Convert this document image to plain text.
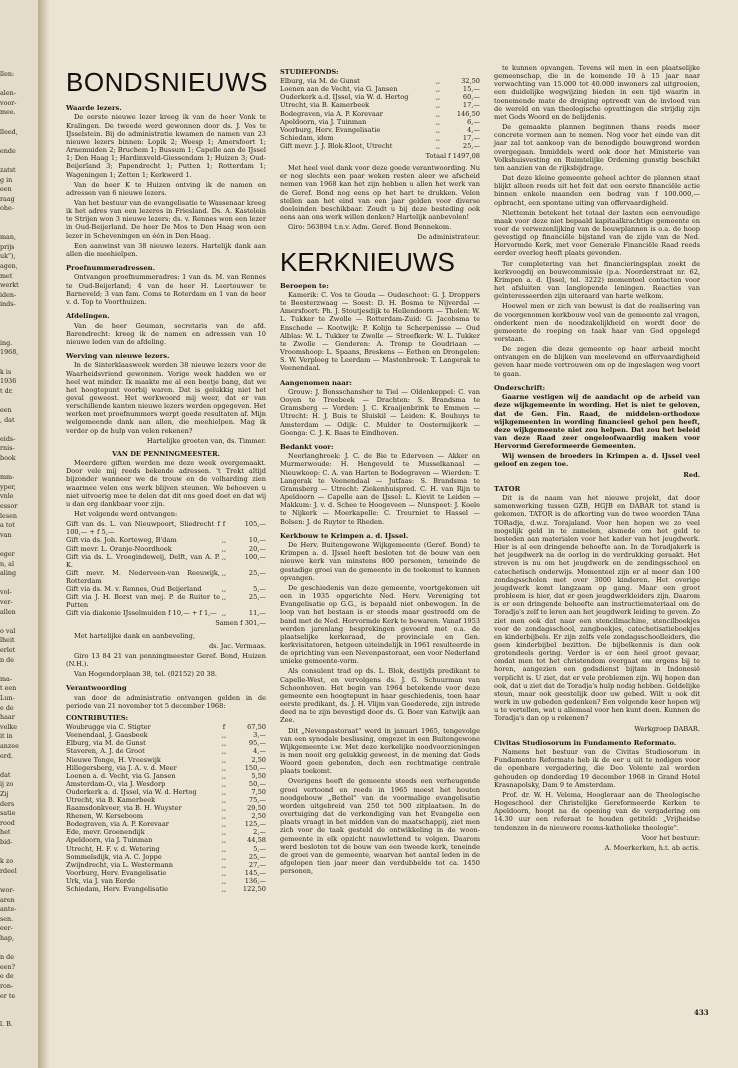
llen:
alen-
voor-
mee.
lleed,
ende
zatst
g in
een
raag
ohe-
man,
prijs
uk"),
agen,
met
werkt
iden-
inds-
ing.
1968,
k is
1936
t dr.
een
, dat
eids-
rnis-
book
mm-
yper,
vnle
essor
lesen
a tot
van
eger
n, al
aling
vol-
ver-
allen
o val
lheit
erlet
n de
ma-
t een
Lun-
e de
haar
velke
it in
anzee
erd.
dat
ij zo
Zij
ders
satie
rood
het
bid-
k zo
rdeel
wor-
aren
ante-
sen.
eer-
hap,
n de
een?
e de
ron-
er te
l. B.
BONDSNIEUWS
Waarde lezers.

De eerste nieuwe lezer kreeg ik van de heer Vonk te Kralingen. De tweede werd gewonnen door ds. J. Vos te IJsselstein. Bij de administratie kwamen de namen van 23 nieuwe lezers binnen: Lopik 2; Weesp 1; Amersfoort 1; Arnemuiden 2; Bruchem 1; Bussum 1; Capelle aan de IJssel 1; Den Haag 1; Hardinxveld-Giessendam 1; Huizen 3; Oud-Beijerland 3; Papendrecht 1; Putten 1; Rotterdam 1; Wageningen 1; Zetten 1; Kerkwerd 1.

Van de heer K te Huizen ontving ik de namen en adressen van 6 nieuwe lezers.

Van het bestuur van de evangelisatie te Wassenaar kreeg ik het adres van een lezeres in Friesland. Ds. A. Kastelein te Strijen won 3 nieuwe lezers; ds. v. Rennes won een lezer in Oud-Beijerland. De heer De Mos te Den Haag won een lezer in Scheveningen en één in Den Haag.

Een aanwinst van 38 nieuwe lezers. Hartelijk dank aan allen die meehielpen.

Proefnummeradressen.

Ontvangen proefnummeradres: 1 van ds. M. van Rennes te Oud-Beijerland; 4 van de heer H. Leertouwer te Barneveld; 3 van fam. Coms te Roterdam en 1 van de heer v. d. Top te Voorthuizen.

Afdelingen.

Van de heer Gouman, secretaris van de afd. Barendrecht: kreeg ik de namen en adressen van 10 nieuwe leden van de afdeling.

Werving van nieuwe lezers.

In de Sinterklaasweek werden 38 nieuwe lezers voor de Waarheidsvriend gewonnen. Vorige week hadden we er heel wat minder. Ik maakte me al een beetje bang, dat we het hoogtepunt voorbij waren. Dat is gelukkig niet het geval geweest. Het werkwoord mij weer, dat er van verschillende kanten nieuwe lezers werden opgegeven. Het werken met proefnummers werpt goede resultaten af. Mijn welgemeende dank aan allen, die meehielpen. Mag ik verder op de hulp van velen rekenen?

Hartelijke groeten van, ds. Timmer.

VAN DE PENNINGMEESTER.

Meerdere giften werden me deze week overgemaakt. Door vele mij reeds bekende adressen. 't Trekt altijd bijzonder wanneer we de trouw en de volharding zien waarmee velen ons werk blijven steunen. We behoeven u niet uitvoerig mee te delen dat dit ons goed doet en dat wij u dan erg dankbaar voor zijn.

Het volgende werd ontvangen:

Gift van ds. L. van Nieuwpoort, Sliedrecht f 100,— + f 5,—	f	105,—
Gift via ds. Joh. Korteweg, B'dam	,,	10,—
Gift mevr. L. Oranje-Noordhoek	,,	20,—
Gift via ds. L. Vroegindeweij, Delft, van A. P. K.	,,	100,—
Gift mevr. M. Nederveen-van Reeuwijk, Rotterdam	,,	25,—
Gift via ds. M. v. Rennes, Oud Beijerland	,,	5,—
Gift via J. H. Borst van mej. P. de Ruiter te Putten	,,	25,—
Gift via diakonie IJsselmuiden f 10,— + f 1,—	,,	11,—

Samen f 301,—

Met hartelijke dank en aanbeveling,

ds. Jac. Vermaas.

Giro 13 84 21 van penningmeester Geref. Bond, Huizen (N.H.).

Van Hogendorplaan 38, tel. (02152) 20 38.

Verantwoording

van door de administratie ontvangen gelden in de periode van 21 november tot 5 december 1968:

CONTRIBUTIES:
Woubrugge via C. Stigter	f	67,50
Veenendaal, J. Gaasbeek	,,	3,—
Elburg, via M. de Gunst	,,	95,—
Staveren, A. J. de Groot	,,	4,—
Nieuwe Tonge, H. Vreeswijk	,,	2,50
Hillegersberg, via J. A. v. d. Meer	,,	150,—
Loenen a. d. Vecht, via G. Jansen	,,	5,50
Amsterdam-O., via J. Wesdorp	,,	50,—
Ouderkerk a. d. IJssel, via W. d. Hertog	,,	7,50
Utrecht, via B. Kamerbeek	,,	75,—
Raamsdonkveer, via B. H. Wuyster	,,	29,50
Rhenen, W. Kerseboom	,,	2,50
Bodegraven, via A. P. Korevaar	,,	125,—
Ede, mevr. Groenendijk	,,	2,—
Apeldoorn, via J. Tuinman	,,	44,58
Utrecht, H. F. v. d. Wetering	,,	5,—
Sommelsdijk, via A. C. Joppe	,,	25,—
Zwijndrecht, via L. Westermann	,,	27,—
Voorburg, Herv. Evangelisatie	,,	145,—
Urk, via J. van Eerde	,,	136,—
Schiedam, Herv. Evangelisatie	,,	122,50
STUDIEFONDS:
Elburg, via M. de Gunst	,,	32,50
Loenen aan de Vecht, via G. Jansen	,,	15,—
Ouderkerk a.d. IJssel, via W. d. Hertog	,,	60,—
Utrecht, via B. Kamerbeek	,,	17,—
Bodegraven, via A. P. Korevaar	,,	146,50
Apeldoorn, via J. Tuinman	,,	6,—
Voorburg, Herv. Evangelisatie	,,	4,—
Schiedam, idem	,,	17,—
Gift mevr. J. J. Blok-Kloot, Utrecht	,,	25,—

Totaal f 1497,08

Met heel veel dank voor deze goede verantwoording. Nu er nog slechts een paar weken resten aleer we afscheid nemen van 1968 kan het zijn hebben u allen het werk van de Geref. Bond nog eens op het hart te drukken. Velen stellen aan het eind van een jaar gelden voor diverse doeleinden beschikbaar. Zoudt u bij deze besteding ook eens aan ons werk willen denken? Hartelijk aanbevolen!

Giro: 563894 t.n.v. Adm. Geref. Bond Bennekom.

De administrateur.

KERKNIEUWS
Beroepen te:

Kamerik: C. Vos te Gouda — Oudeschoot: G. J. Droppers te Beesterzwaag — Soest: D. H. Bosma te Nijverdal — Amersfoort: Ph. J. Stoutjesdijk te Hellendoorn — Tholen: W. L. Tukker te Zwolle — Rotterdam-Zuid: G. Jacobsma te Enschede — Kootwijk: P. Kolijn te Scherpenisse — Oud Alblas: W. L. Tukker te Zwolle — Streefkerk: W. L. Tukker te Zwolle — Genderen: A. Tromp te Goudriaan — Vroomshoop: L. Spaans, Breskens — Eethen en Drongelen: S. W. Verploeg te Leerdam — Mastenbroek: T. Langerak te Veenendaal.

Aangenomen naar:

Grouw: J. Bonsschansher te Tiel — Oldenkeppel: C. van Ooyen te Treebeek — Drachten: S. Brandsma te Gramsberg — Vorden: J. C. Kraaijenbrink te Emmen — Utrecht: H. J. Buis te Sluiskil — Leiden: K. Bouhuys te Amsterdam — Odijk: C. Mulder te Oostermijkerk — Goenga: C. J. K. Baas te Eindhoven.

Bedankt voor:

Neerlangbroek: J. C. de Bie te Ederveen — Akker en Murmerwoude: H. Hengeveld te Musselkanaal — Nieuwkoop: C. A. van Harten te Bodegraven — Wierden: T. Langerak te Veenendaal — Jutfaas: S. Brandsma te Gramsberg — Utrecht: Ziekenhuispred. C. H. van Rijn te Apeldoorn — Capelle aan de IJssel: L. Kievit te Leiden — Makkum: J. v. d. Schee te Hoogeveen — Nunspeet: J. Koele te Nijkerk — Moerkapelle: C. Treurniet te Hassel — Bolsen: J. de Ruyter te Rheden.

Kerkbouw te Krimpen a. d. IJssel.

De Herv. Buitengewone Wijkgemeente (Geref. Bond) te Krimpen a. d. IJssel heeft besloten tot de bouw van een nieuwe kerk van minstens 800 personen, teneinde de gestadige groei van de gemeente in de toekomst te kunnen opvangen.

De geschiedenis van deze gemeente, voortgekomen uit een in 1935 opgerichte Ned. Herv. Vereniging tot Evangelisatie op G.G., is bepaald niet onbewogen. In de loop van het bestaan is er steeds maar gestreefd om de band met de Ned. Hervormde Kerk te bewaren. Vanaf 1953 werden jarenlang besprekingen gevoerd met o.a. de plaatselijke kerkeraad, de provinciale en Gen. kerkvisitatoren, hetgeen uiteindelijk in 1961 resulteerde in de oprichting van een Nevenpastoraat, een voor Nederland unieke gemeente-vorm.

Als consulent trad op ds. L. Blok, destijds predikant te Capelle-West, en vervolgens ds. J. G. Schuurman van Schoonhoven. Het begin van 1964 betekende voor deze gemeente een hoogtepunt in haar geschiedenis, toen haar eerste predikant, ds. J. H. Vlijm van Goederede, zijn intrede deed na te zijn bevestigd door ds. G. Boer van Katwijk aan Zee.

Dit „Nevenpastoraat" werd in januari 1965, tengevolge van een synodale beslissing, omgezet in een Buitengewone Wijkgemeente i.w. Met deze kerkelijke noodvoorzieningen is men nooit erg gelukkig geweest, in de mening dat Gods Woord geen gebonden, doch een rechtmatige centrale plaats toekomt.

Overigens heeft de gemeente steeds een verheugende groei vertoond en reeds in 1965 moest het houten noodgebouw „Bethel" van de voormalige evangelisatie worden uitgebreid van 250 tot 500 zitplaatsen. In de overtuiging dat de verkondiging van het Evangelie een plaats vraagt in het midden van de maatschappij, ziet men zich voor de taak gesteld de ontwikkeling in de woon-gemeente in elk opzicht nauwlettend te volgen. Daarom werd besloten tot de bouw van een tweede kerk, teneinde de groei van de gemeente, waarvan het aantal leden in de afgelopen tien jaar meer dan verdubbelde tot ca. 1450 personen,

te kunnen opvangen. Tevens wil men in een plaatselijke gemeenschap, die in de komende 10 à 15 jaar naar verwachting van 15.000 tot 40.000 inwoners zal uitgroeien, een duidelijke wegwijzing bieden in een tijd waarin in toenemende mate de dreiging optreedt van de invloed van de wereld en van theologische opvattingen die strijdig zijn met Gods Woord en de belijdenis.

De gemaakte plannen beginnen thans reeds meer concrete vormen aan te nemen. Nog voor het einde van dit jaar zal tot aankoop van de benodigde bouwgrond worden overgegaan. Inmiddels werd ook door het Ministerie van Volkshuisvesting en Ruimtelijke Ordening gunstig beschikt ten aanzien van de rijksbijdrage.

Dat deze kleine gemeente geheel achter de plannen staat blijkt alleen reeds uit het feit dat een eerste financiële actie binnen enkele maanden een bedrag van f 100.000,— opbracht, een spontane uiting van offervaardigheid.

Niettemin betekent het totaal der lasten een eenvoudige maak voor deze niet bepaald kapitaalkrachtige gemeente en voor de verwezenlijking van de bouwplannen is o.a. de hoop gevestigd op financiële bijstand van de zijde van de Ned. Hervormde Kerk, met voor Generale Financiële Raad reeds eerder overleg heeft plaats gevonden.

Ter completering van het financieringsplan zoekt de kerkvoogdij en bouwcommissie (p.a. Noorderstraat nr. 62, Krimpen a. d. IJssel, tel. 3222) momenteel contacten voor het afsluiten van langlopende leningen. Reacties van geïnteresseerden zijn uiteraard van harte welkom.

Hoewel men er zich van bewust is dat de realisering van de voorgenomen kerkbouw veel van de gemeente zal vragen, onderkent men de noodzakelijkheid en wordt door de gemeente de roeping en taak haar van God opgelegd verstaan.

De zegen die deze gemeente op haar arbeid mocht ontvangen en de blijken van meelevend en offervaardigheid geven haar mede vertrouwen om op de ingeslagen weg voort te gaan.

Onderschrift:

Gaarne vestigen wij de aandacht op de arbeid van deze wijkgemeente in wording. Het is niet te geloven, dat de Gen. Fin. Raad, de middelen-orthodoxe wijkgemeenten in wording financieel gehol pen heeft, deze wijkgemeente niet zou helpen. Dat zou het beleid van deze Raad zeer ongeloofwaardig maken voor Hervormd Gereformeerde Gemeenten.

Wij wensen de broeders in Krimpen a. d. IJssel veel geloof en zegen toe.

Red.

TATOR

Dit is de naam van het nieuwe projekt, dat door samenwerking tussen GZB, HGJB en DABAR tot stand is gekomen. TATOR is de afkorting van de twee woorden TAna TORadja, d.w.z. Torajaland. Voor hen hopen we zo veel mogelijk geld in te zamelen, alsmede om het geld te besteden aan materialen voor het kader van het jeugdwerk. Hier is al een dringende behoefte aan. In de Toradjakerk is het jeugdwerk na de oorlog in de verdrukking geraakt. Het streven is nu om het jeugdwerk en de zendingsschool en catechetisch onderwijs. Momenteel zijn er al meer dan 100 zondagsscholen met over 3000 kinderen. Het overige jeugdwerk komt langzaam op gang. Maar een groot probleem is hier, dat er geen jeugdwerkleiders zijn. Daarom is er een dringende behoefte aan instructiemateriaal om de Toradja's zelf te leren aan het jeugdwerk leiding te geven. Zo ziet men ook dat naar een stencilmachine, stencilboekjes voor de zondagsschool, zangboekjes, catechetisatieboekjes en kinderbijbels. Er zijn zelfs vele zondagsschoolleiders, die geen kinderbijbel bezitten. De bijbelkennis is dan ook grotendeels gering. Verder is er een heel groot gevaar, omdat men tot het christendom overgaat om ergens bij te horen, aangezien een godsdienst bijtam in Indonesië verplicht is. U ziet, dat er vele problemen zijn. Wij hopen dan ook, dat u ziet dat de Toradja's hulp nodig hebben. Geldelijke steun, maar ook geestelijk door uw gebed. Wilt u ook dit werk in uw gebeden gedenken? Een volgende keer hopen wij u te vertellen, wat u allemaal voor hen kunt doen. Kunnen de Toradja's dan op u rekenen?

Werkgroep DABAR.

Civitas Studiosorum in Fundamento Reformato.

Namens het bestuur van de Civitas Studiosorum in Fundamento Reformato heb ik de eer u uit te nodigen voor de openbare vergadering, die Deo Volente zal worden gehouden op donderdag 19 december 1968 in Grand Hotel Krasnapolsky, Dam 9 te Amsterdam.

Prof. dr. W. H. Velema, Hoogleraar aan de Theologische Hogeschool der Christelijke Gereformeerde Kerken te Apeldoorn, hoopt na de opening van de vergadering om 14.30 uur een referaat te houden getiteld: „Vrijheidse tendenzen in de nieuwere rooms-katholieke theologie".

Voor het bestuur:

A. Moerkerken, h.t. ab actis.

433
